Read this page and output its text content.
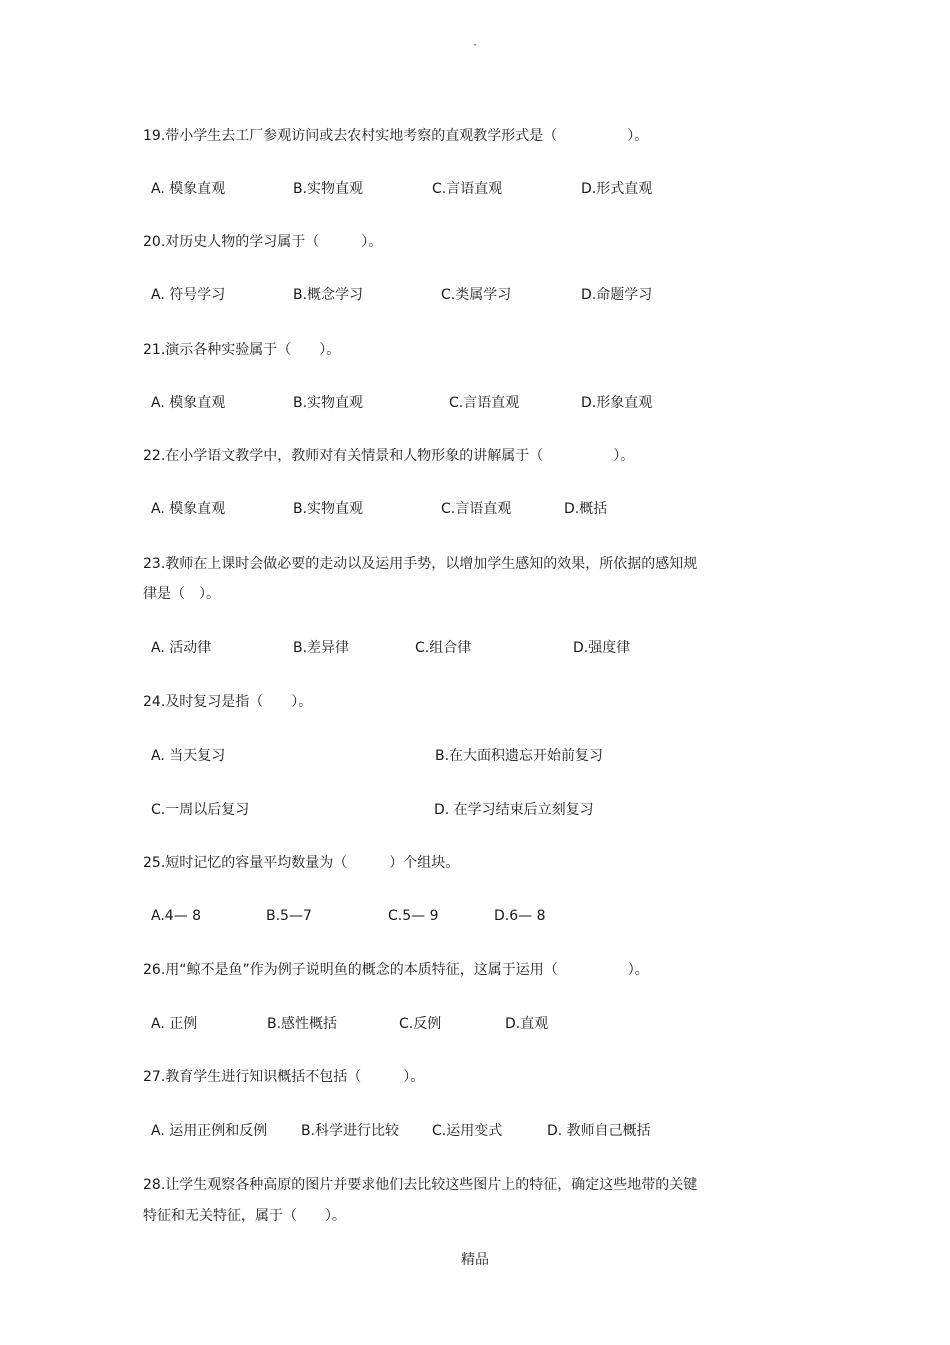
·
19.带小学生去工厂参观访问或去农村实地考察的直观教学形式是（　　　　　）。
A. 模象直观	B.实物直观	C.言语直观	D.形式直观
20.对历史人物的学习属于（　　　）。
A. 符号学习	B.概念学习	C.类属学习	D.命题学习
21.演示各种实验属于（　　）。
A. 模象直观	B.实物直观	C.言语直观	D.形象直观
22.在小学语文教学中，教师对有关情景和人物形象的讲解属于（　　　　　）。
A. 模象直观	B.实物直观	C.言语直观	D.概括
23.教师在上课时会做必要的走动以及运用手势，以增加学生感知的效果，所依据的感知规
律是（　）。
A. 活动律	B.差异律	C.组合律	D.强度律
24.及时复习是指（　　）。
A. 当天复习	B.在大面积遗忘开始前复习
C.一周以后复习	D. 在学习结束后立刻复习
25.短时记忆的容量平均数量为（　　　）个组块。
A.4— 8	B.5—7	C.5— 9	D.6— 8
26.用“鲸不是鱼”作为例子说明鱼的概念的本质特征，这属于运用（　　　　　）。
A. 正例	B.感性概括	C.反例	D.直观
27.教育学生进行知识概括不包括（　　　）。
A. 运用正例和反例 B.科学进行比较 C.运用变式	D. 教师自己概括
28.让学生观察各种高原的图片并要求他们去比较这些图片上的特征，确定这些地带的关键
特征和无关特征，属于（　　）。
精品
